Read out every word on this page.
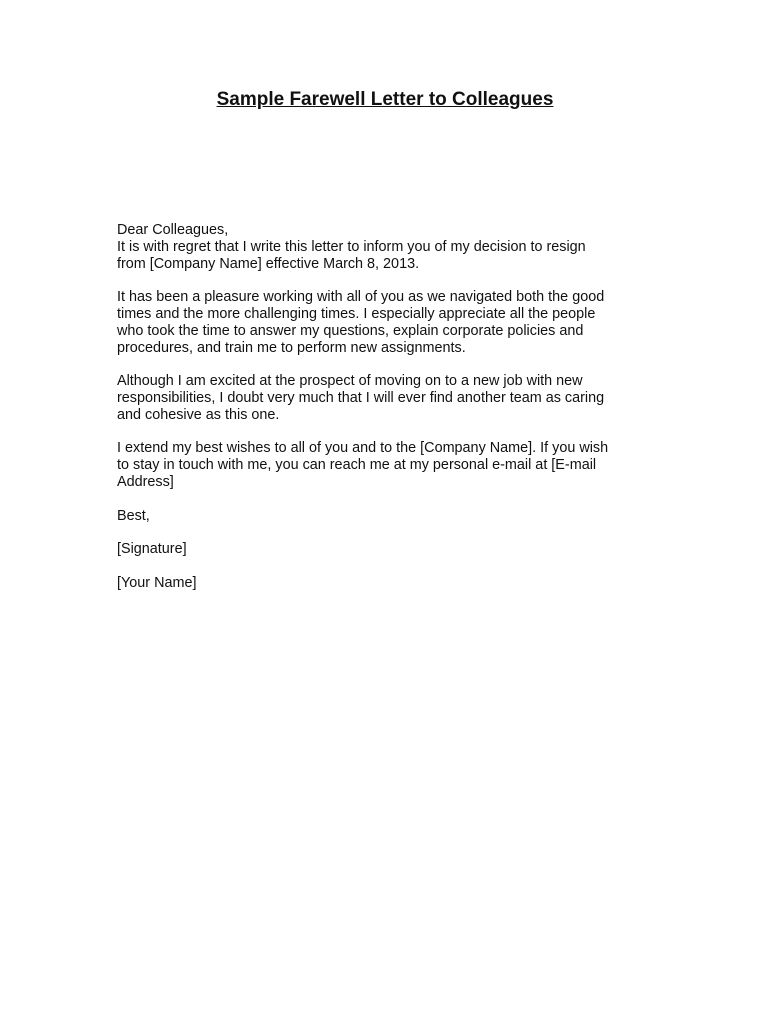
Sample Farewell Letter to Colleagues
Dear Colleagues,
It is with regret that I write this letter to inform you of my decision to resign
from [Company Name] effective March 8, 2013.
It has been a pleasure working with all of you as we navigated both the good
times and the more challenging times. I especially appreciate all the people
who took the time to answer my questions, explain corporate policies and
procedures, and train me to perform new assignments.
Although I am excited at the prospect of moving on to a new job with new
responsibilities, I doubt very much that I will ever find another team as caring
and cohesive as this one.
I extend my best wishes to all of you and to the [Company Name]. If you wish
to stay in touch with me, you can reach me at my personal e-mail at [E-mail
Address]
Best,
[Signature]
[Your Name]
